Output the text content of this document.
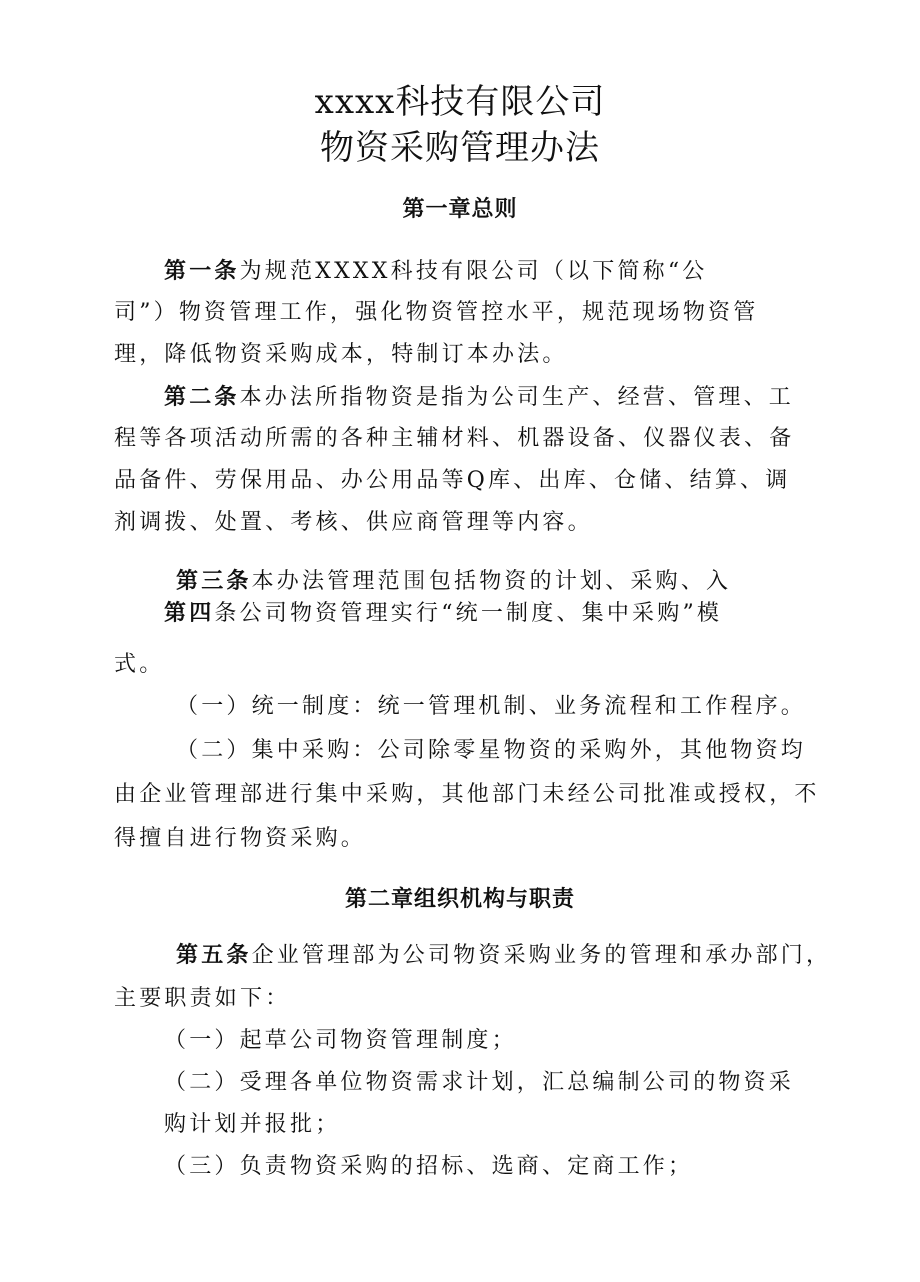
xxxx科技有限公司
物资采购管理办法
第一章总则
第一条为规范XXXX科技有限公司（以下简称“公
司”）物资管理工作，强化物资管控水平，规范现场物资管
理，降低物资采购成本，特制订本办法。
第二条本办法所指物资是指为公司生产、经营、管理、工
程等各项活动所需的各种主辅材料、机器设备、仪器仪表、备
品备件、劳保用品、办公用品等Q库、出库、仓储、结算、调
剂调拨、处置、考核、供应商管理等内容。
第三条本办法管理范围包括物资的计划、采购、入
第四条公司物资管理实行“统一制度、集中采购”模
式。
（一）统一制度：统一管理机制、业务流程和工作程序。
（二）集中采购：公司除零星物资的采购外，其他物资均
由企业管理部进行集中采购，其他部门未经公司批准或授权，不
得擅自进行物资采购。
第二章组织机构与职责
第五条企业管理部为公司物资采购业务的管理和承办部门，
主要职责如下：
（一）起草公司物资管理制度；
（二）受理各单位物资需求计划，汇总编制公司的物资采
购计划并报批；
（三）负责物资采购的招标、选商、定商工作；
